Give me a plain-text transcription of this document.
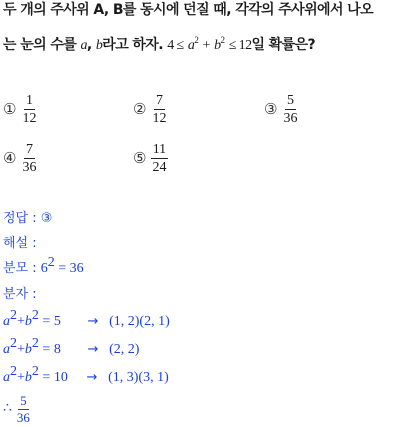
두 개의 주사위 A, B를 동시에 던질 때, 각각의 주사위에서 나오
는 눈의 수를 a, b라고 하자. $4 \le a^2 + b^2 \le 12$일 확률은?
① $\frac{1}{12}$	② $\frac{7}{12}$	③ $\frac{5}{36}$
④ $\frac{7}{36}$	⑤ $\frac{11}{24}$
정답 : ③
해설 :
분모 : $6^2 = 36$
분자 :
$a^2+b^2 = 5 \to (1$, 2)(2, 1)
$a^2+b^2 = 8 \to (2$, 2)
$a^2+b^2 = 10 \to (1$, 3)(3, 1)
∴ $\frac{5}{36}$
